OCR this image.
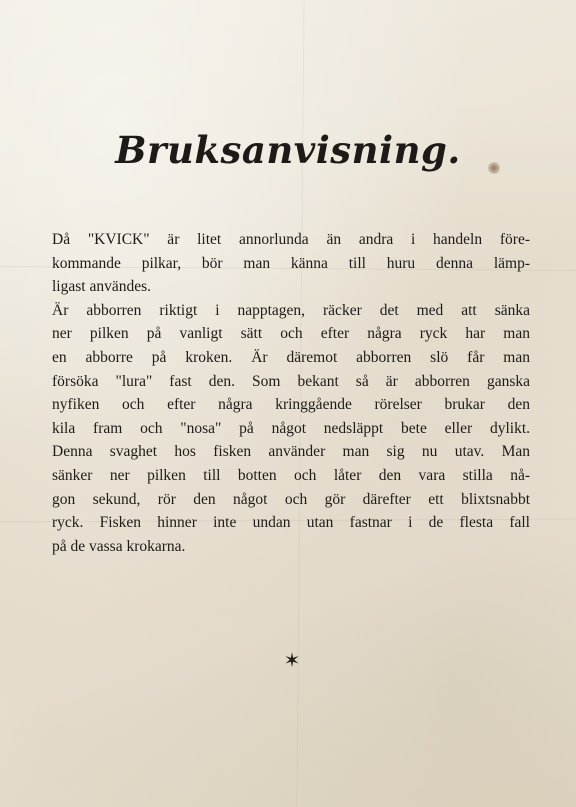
Bruksanvisning.
Då "KVICK" är litet annorlunda än andra i handeln före-
kommande pilkar, bör man känna till huru denna lämp-
ligast användes.
Är abborren riktigt i napptagen, räcker det med att sänka
ner pilken på vanligt sätt och efter några ryck har man
en abborre på kroken. Är däremot abborren slö får man
försöka "lura" fast den. Som bekant så är abborren ganska
nyfiken och efter några kringgående rörelser brukar den
kila fram och "nosa" på något nedsläppt bete eller dylikt.
Denna svaghet hos fisken använder man sig nu utav. Man
sänker ner pilken till botten och låter den vara stilla nå-
gon sekund, rör den något och gör därefter ett blixtsnabbt
ryck. Fisken hinner inte undan utan fastnar i de flesta fall
på de vassa krokarna.
✶
